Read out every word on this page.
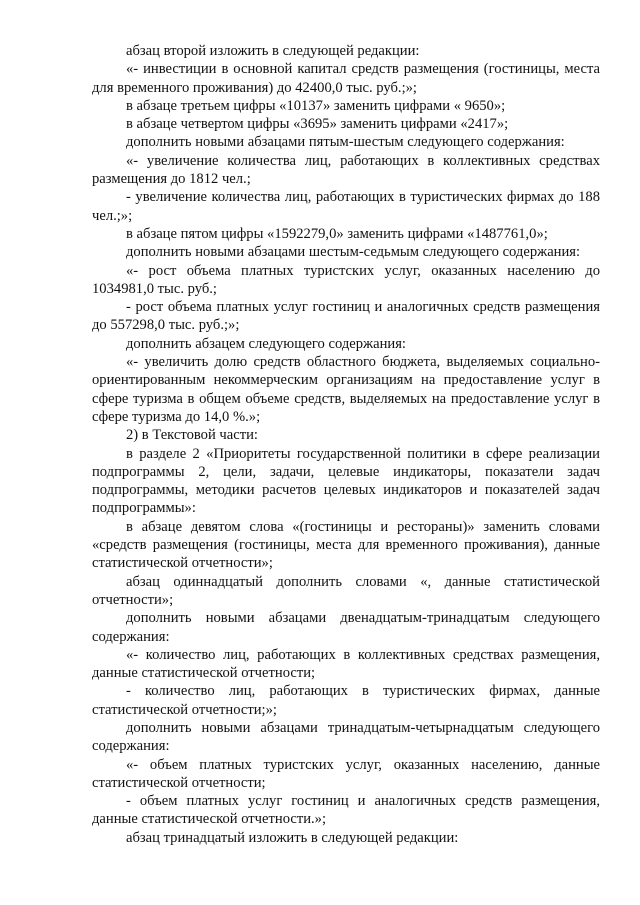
абзац второй изложить в следующей редакции:

«- инвестиции в основной капитал средств размещения (гостиницы, места для временного проживания) до 42400,0 тыс. руб.;»;

в абзаце третьем цифры «10137» заменить цифрами « 9650»;

в абзаце четвертом цифры «3695» заменить цифрами «2417»;

дополнить новыми абзацами пятым-шестым следующего содержания:

«- увеличение количества лиц, работающих в коллективных средствах размещения до 1812 чел.;

- увеличение количества лиц, работающих в туристических фирмах до 188 чел.;»;

в абзаце пятом цифры «1592279,0» заменить цифрами «1487761,0»;

дополнить новыми абзацами шестым-седьмым следующего содержания:

«- рост объема платных туристских услуг, оказанных населению до 1034981,0 тыс. руб.;

- рост объема платных услуг гостиниц и аналогичных средств размещения до 557298,0 тыс. руб.;»;

дополнить абзацем следующего содержания:

«- увеличить долю средств областного бюджета, выделяемых социально-ориентированным некоммерческим организациям на предоставление услуг в сфере туризма в общем объеме средств, выделяемых на предоставление услуг в сфере туризма до 14,0 %.»;

2) в Текстовой части:

в разделе 2 «Приоритеты государственной политики в сфере реализации подпрограммы 2, цели, задачи, целевые индикаторы, показатели задач подпрограммы, методики расчетов целевых индикаторов и показателей задач подпрограммы»:

в абзаце девятом слова «(гостиницы и рестораны)» заменить словами «средств размещения (гостиницы, места для временного проживания), данные статистической отчетности»;

абзац одиннадцатый дополнить словами «, данные статистической отчетности»;

дополнить новыми абзацами двенадцатым-тринадцатым следующего содержания:

«- количество лиц, работающих в коллективных средствах размещения, данные статистической отчетности;

- количество лиц, работающих в туристических фирмах, данные статистической отчетности;»;

дополнить новыми абзацами тринадцатым-четырнадцатым следующего содержания:

«- объем платных туристских услуг, оказанных населению, данные статистической отчетности;

- объем платных услуг гостиниц и аналогичных средств размещения, данные статистической отчетности.»;

абзац тринадцатый изложить в следующей редакции:
